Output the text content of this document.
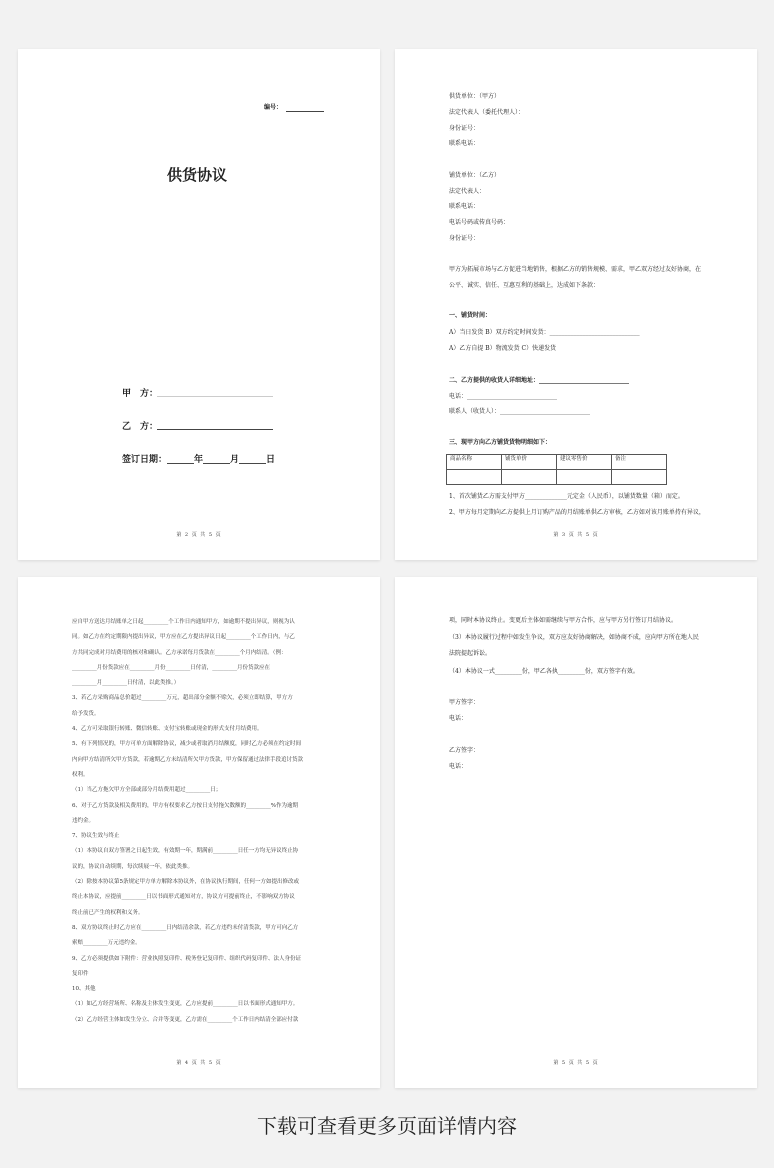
编号：
供货协议
甲　方：
乙　方：
签订日期：______年______月______日
第 2 页 共 5 页
供货单位：（甲方）
法定代表人（委托代理人）：
身份证号：
联系电话：
铺货单位：（乙方）
法定代表人：
联系电话：
电话号码或传真号码：
身份证号：
甲方为拓展市场与乙方促进当地销售，根据乙方的销售规模、需求，甲乙双方经过友好协商，在
公平、诚实、信任、互惠互利的基础上，达成如下条款：
一、铺货时间：
A）当日发货 B）双方约定时间发货：______________________________
A）乙方自提 B）物流发货 C）快递发货
二、乙方提供的收货人详细地址：______________________________
电话：______________________________
联系人（收货人）：______________________________
三、现甲方向乙方铺货货物明细如下：
商品名称	铺货单价	建议零售价	备注

1、首次铺货乙方需支付甲方______________元定金（人民币），以铺货数量（箱）而定。
2、甲方每月定期向乙方提供上月订购产品的月结账单供乙方审核，乙方如对该月账单持有异议，
第 3 页 共 5 页

应自甲方送达月结账单之日起_________个工作日内通知甲方，如逾期不提出异议，则视为认

同。如乙方在约定期限内提出异议，甲方应在乙方提出异议日起_________个工作日内，与乙

方共同完成对月结费用的核对和确认。乙方承诺每月货款在_________个月内结清。（例：

_________月份货款应在_________月份_________日付清，_________月份货款应在

_________月_________日付清，以此类推。）

3、若乙方采购商品总价超过_________万元，超出部分金额不赊欠，必须立即结算，甲方方

给予发货。

4、乙方可采取银行转账、微信转账、支付宝转账或现金的形式支付月结费用。

5、有下列情况的，甲方可单方面解除协议，减少或者取消月结额度，同时乙方必须在约定时间

内向甲方结清所欠甲方货款，若逾期乙方未结清所欠甲方货款，甲方保留通过法律手段追讨货款

权利。

（1）当乙方拖欠甲方全部或部分月结费用超过_________日；

6、对于乙方货款及相关费用的，甲方有权要求乙方按日支付拖欠数额的_________%作为逾期

违约金。

7、协议生效与终止

（1）本协议自双方签署之日起生效，有效期一年，期满前_________日任一方均无异议终止协

议的，协议自动续期，每次续展一年，依此类推。

（2）除按本协议第5条规定甲方单方解除本协议外，在协议执行期间，任何一方如提出修改或

终止本协议，应提前_________日以书面形式通知对方，协议方可提前终止，不影响双方协议

终止前已产生的权利和义务。

8、双方协议终止时乙方应在_________日内结清余款，若乙方违约未付清货款，甲方可向乙方

索赔_________万元违约金。

9、乙方必须提供如下附件：营业执照复印件、税务登记复印件、组织代码复印件、法人身份证

复印件

10、其他

（1）如乙方经营场所、名称及主体发生变更，乙方应提前_________日以书面形式通知甲方。

（2）乙方经营主体如发生分立、合并等变更，乙方需在_________个工作日内结清全部应付款

第 4 页 共 5 页
项，同时本协议终止。变更后主体如需继续与甲方合作，应与甲方另行签订月结协议。
（3）本协议履行过程中如发生争议，双方应友好协商解决，如协商不成，应向甲方所在地人民
法院提起诉讼。
（4）本协议一式_________份，甲乙各执_________份，双方签字有效。
甲方签字：
电话：
乙方签字：
电话：
第 5 页 共 5 页
下载可查看更多页面详情内容
